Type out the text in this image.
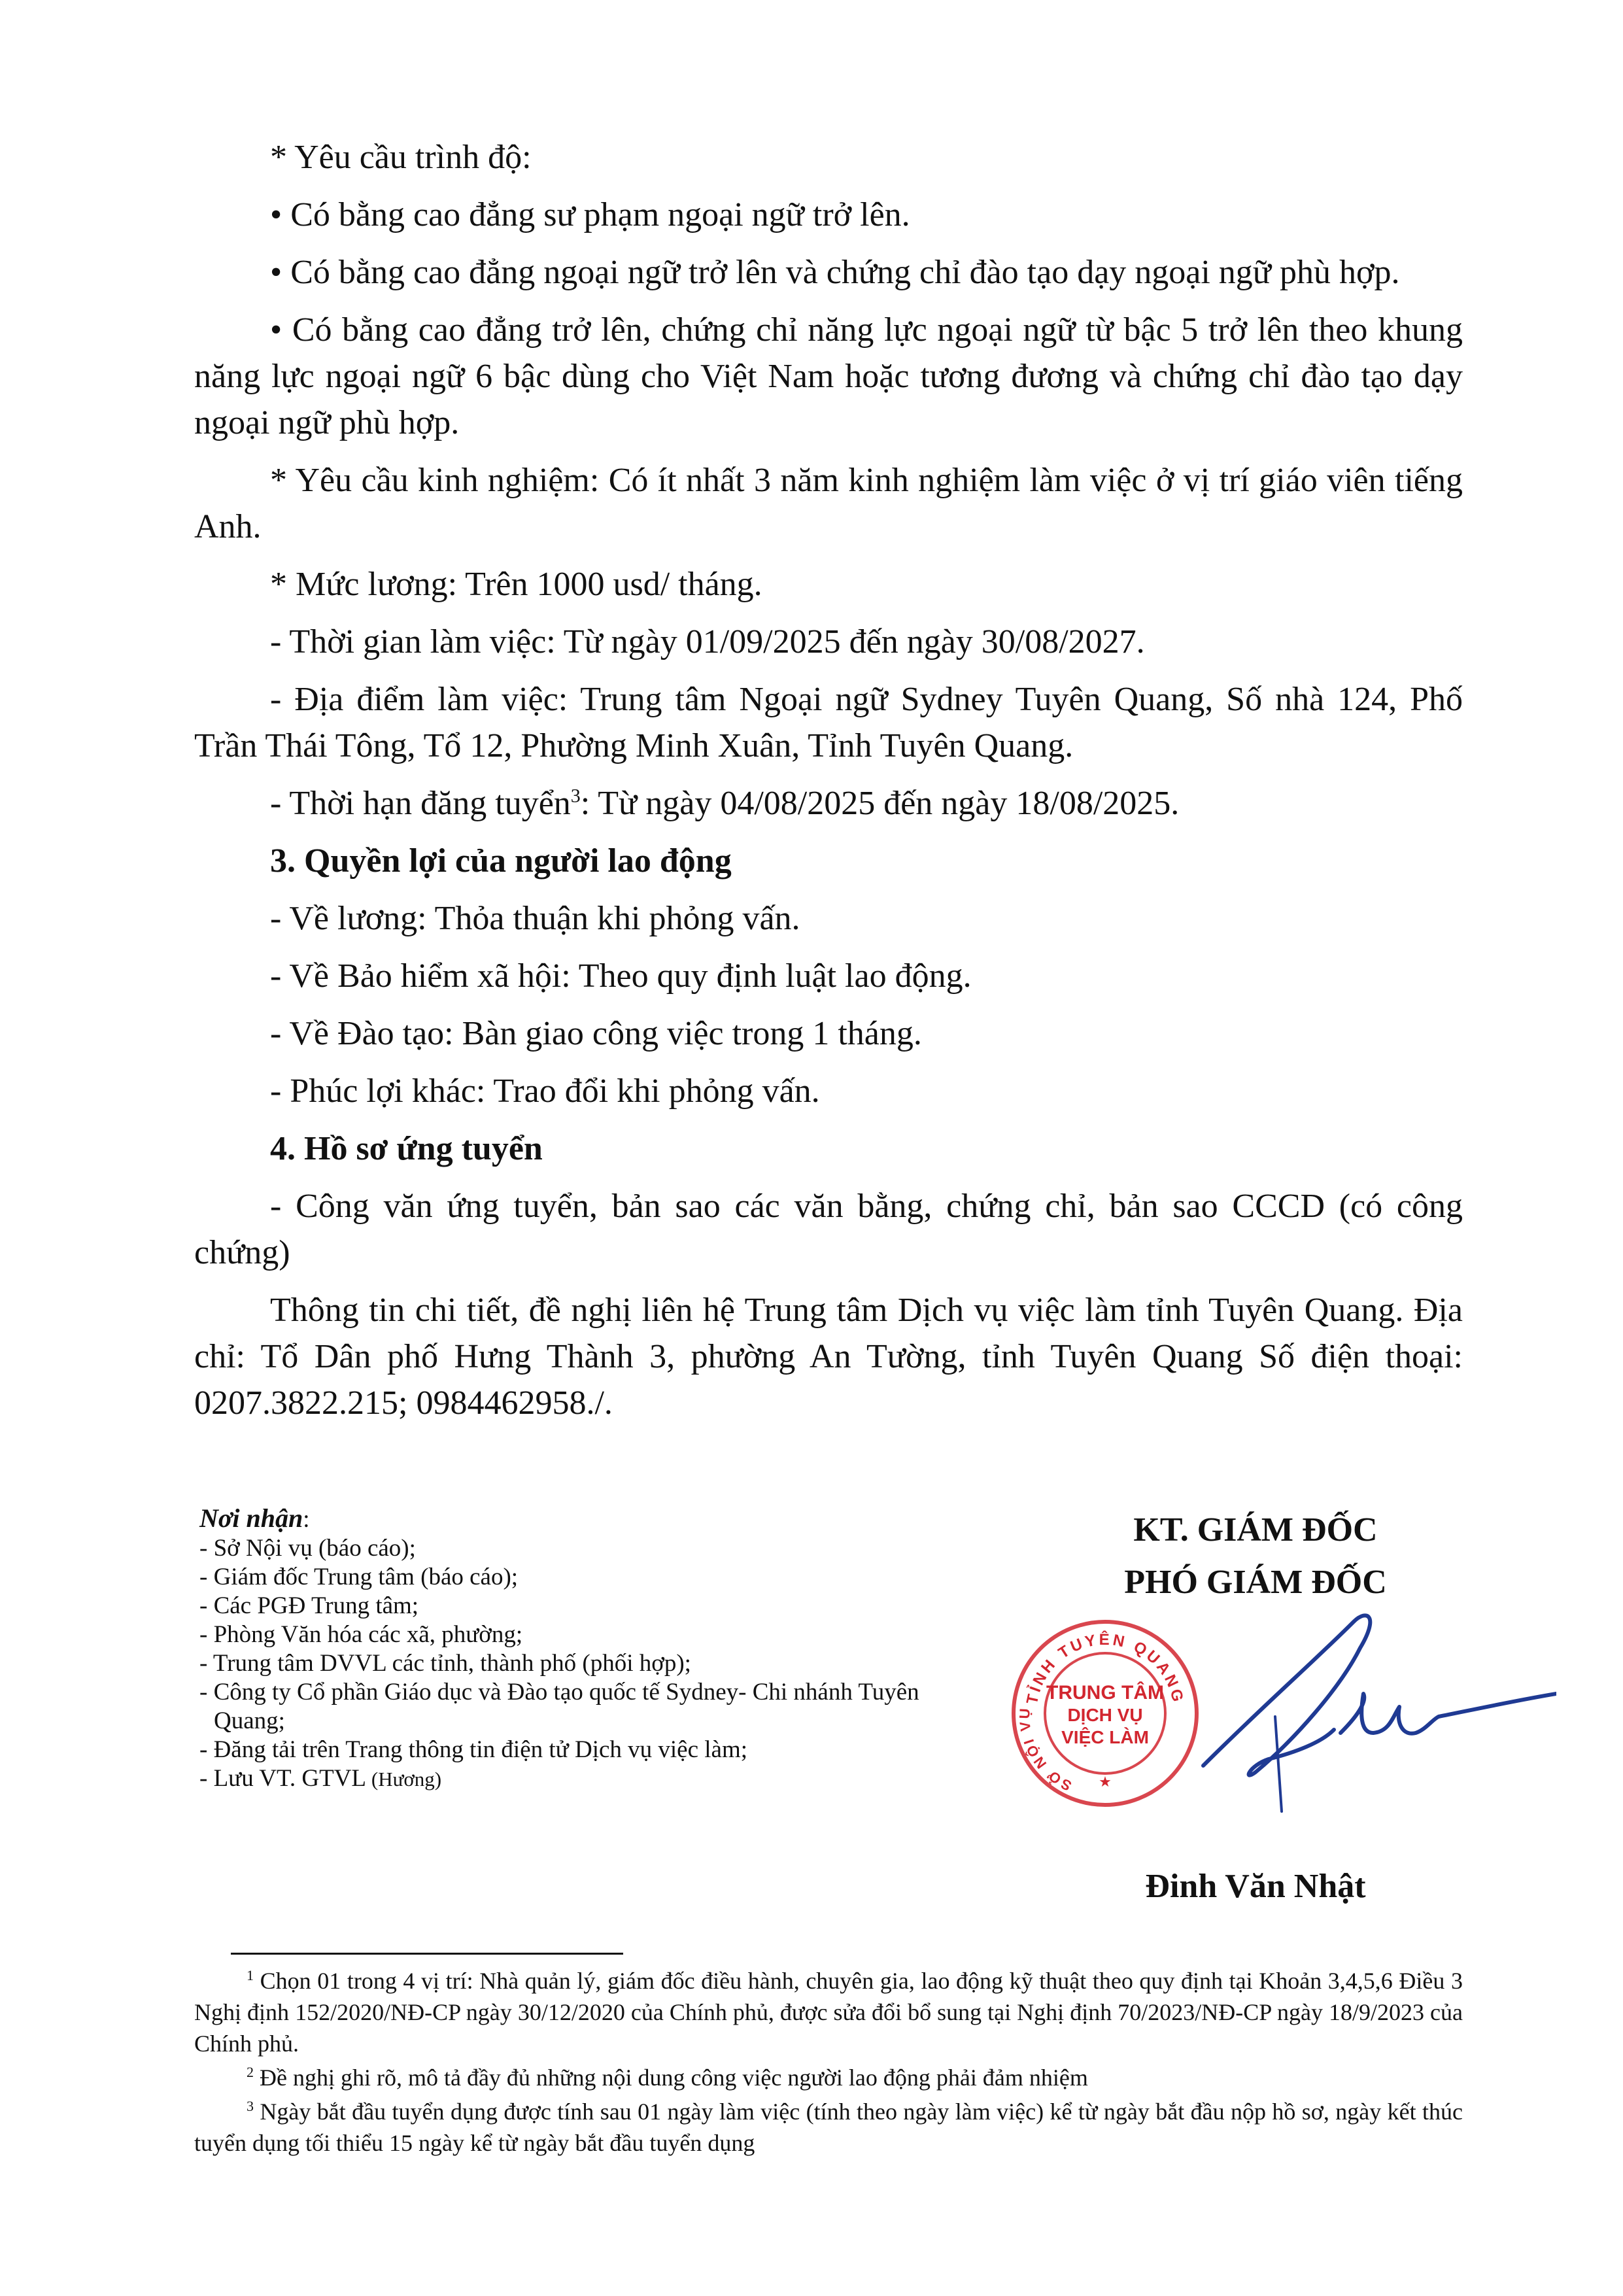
* Yêu cầu trình độ:

• Có bằng cao đẳng sư phạm ngoại ngữ trở lên.

• Có bằng cao đẳng ngoại ngữ trở lên và chứng chỉ đào tạo dạy ngoại ngữ phù hợp.

• Có bằng cao đẳng trở lên, chứng chỉ năng lực ngoại ngữ từ bậc 5 trở lên theo khung năng lực ngoại ngữ 6 bậc dùng cho Việt Nam hoặc tương đương và chứng chỉ đào tạo dạy ngoại ngữ phù hợp.

* Yêu cầu kinh nghiệm: Có ít nhất 3 năm kinh nghiệm làm việc ở vị trí giáo viên tiếng Anh.

* Mức lương: Trên 1000 usd/ tháng.

- Thời gian làm việc: Từ ngày 01/09/2025 đến ngày 30/08/2027.

- Địa điểm làm việc: Trung tâm Ngoại ngữ Sydney Tuyên Quang, Số nhà 124, Phố Trần Thái Tông, Tổ 12, Phường Minh Xuân, Tỉnh Tuyên Quang.

- Thời hạn đăng tuyển$^3$: Từ ngày 04/08/2025 đến ngày 18/08/2025.

3. Quyền lợi của người lao động

- Về lương: Thỏa thuận khi phỏng vấn.

- Về Bảo hiểm xã hội: Theo quy định luật lao động.

- Về Đào tạo: Bàn giao công việc trong 1 tháng.

- Phúc lợi khác: Trao đổi khi phỏng vấn.

4. Hồ sơ ứng tuyển

- Công văn ứng tuyển, bản sao các văn bằng, chứng chỉ, bản sao CCCD (có công chứng)

Thông tin chi tiết, đề nghị liên hệ Trung tâm Dịch vụ việc làm tỉnh Tuyên Quang. Địa chỉ: Tổ Dân phố Hưng Thành 3, phường An Tường, tỉnh Tuyên Quang Số điện thoại: 0207.3822.215; 0984462958./.

Nơi nhận:

- Sở Nội vụ (báo cáo);

- Giám đốc Trung tâm (báo cáo);

- Các PGĐ Trung tâm;

- Phòng Văn hóa các xã, phường;

- Trung tâm DVVL các tỉnh, thành phố (phối hợp);

- Công ty Cổ phần Giáo dục và Đào tạo quốc tế Sydney- Chi nhánh Tuyên Quang;

- Đăng tải trên Trang thông tin điện tử Dịch vụ việc làm;

- Lưu VT. GTVL (Hương)

KT. GIÁM ĐỐC
PHÓ GIÁM ĐỐC
TỈNH TUYÊN QUANG
SỞ NỘI VỤ
TRUNG TÂM
DỊCH VỤ
VIỆC LÀM
★
Đinh Văn Nhật

$^1$ Chọn 01 trong 4 vị trí: Nhà quản lý, giám đốc điều hành, chuyên gia, lao động kỹ thuật theo quy định tại Khoản 3,4,5,6 Điều 3 Nghị định 152/2020/NĐ-CP ngày 30/12/2020 của Chính phủ, được sửa đổi bổ sung tại Nghị định 70/2023/NĐ-CP ngày 18/9/2023 của Chính phủ.

$^2$ Đề nghị ghi rõ, mô tả đầy đủ những nội dung công việc người lao động phải đảm nhiệm

$^3$ Ngày bắt đầu tuyển dụng được tính sau 01 ngày làm việc (tính theo ngày làm việc) kể từ ngày bắt đầu nộp hồ sơ, ngày kết thúc tuyển dụng tối thiểu 15 ngày kể từ ngày bắt đầu tuyển dụng
